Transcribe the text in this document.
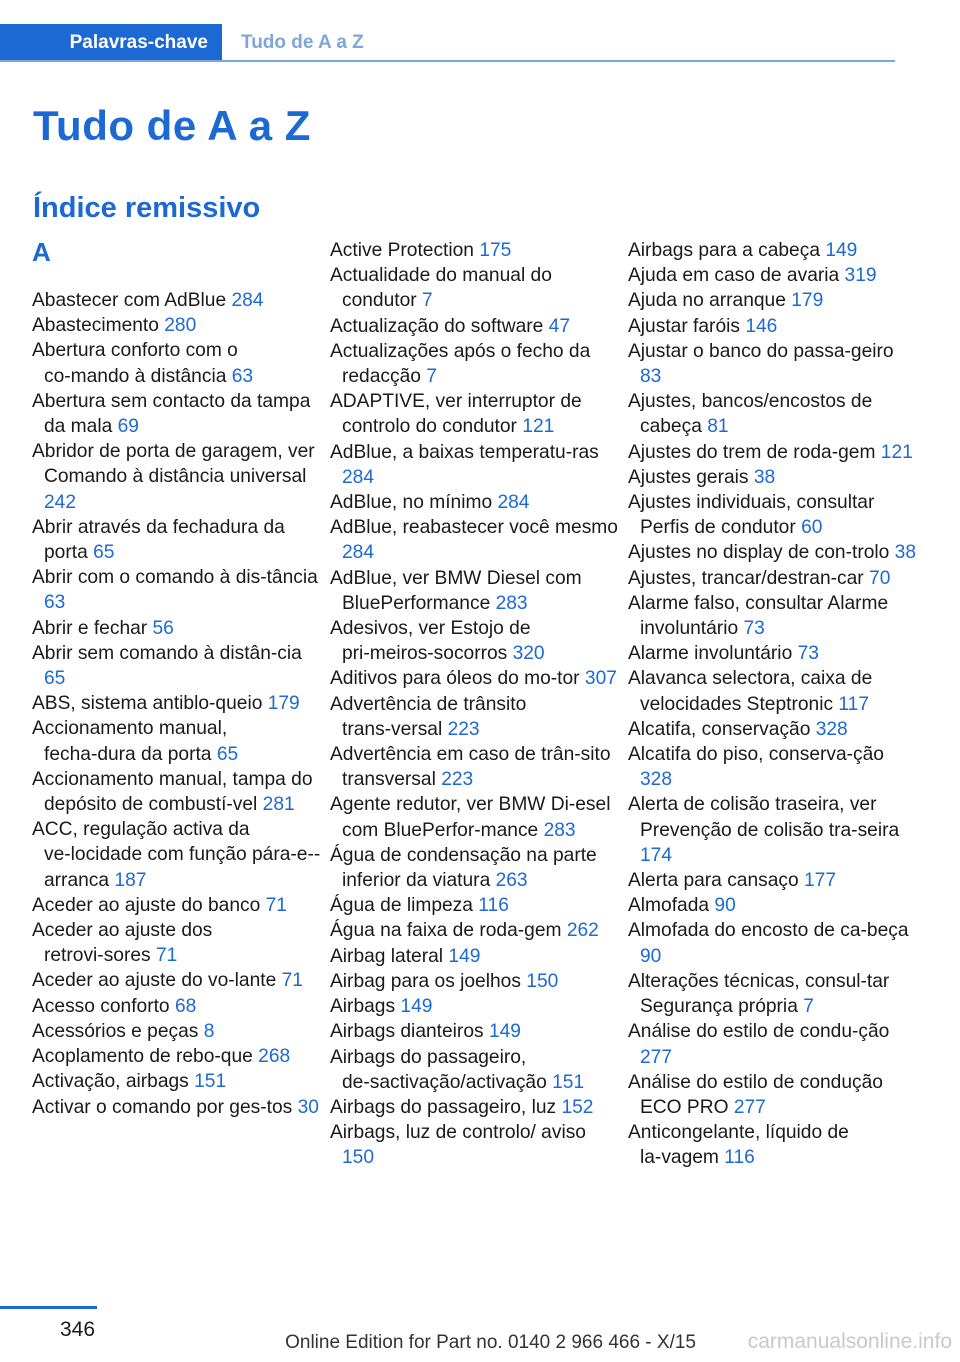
Palavras-chave	Tudo de A a Z
Tudo de A a Z
Índice remissivo
A
Abastecer com AdBlue 284
Abastecimento 280
Abertura conforto com o co‑mando à distância 63
Abertura sem contacto da tampa da mala 69
Abridor de porta de garagem, ver Comando à distância universal 242
Abrir através da fechadura da porta 65
Abrir com o comando à dis‑tância 63
Abrir e fechar 56
Abrir sem comando à distân‑cia 65
ABS, sistema antiblo‑queio 179
Accionamento manual, fecha‑dura da porta 65
Accionamento manual, tampa do depósito de combustí‑vel 281
ACC, regulação activa da ve‑locidade com função pára-e--arranca 187
Aceder ao ajuste do banco 71
Aceder ao ajuste dos retrovi‑sores 71
Aceder ao ajuste do vo‑lante 71
Acesso conforto 68
Acessórios e peças 8
Acoplamento de rebo‑que 268
Activação, airbags 151
Activar o comando por ges‑tos 30
Active Protection 175
Actualidade do manual do condutor 7
Actualização do software 47
Actualizações após o fecho da redacção 7
ADAPTIVE, ver interruptor de controlo do condutor 121
AdBlue, a baixas temperatu‑ras 284
AdBlue, no mínimo 284
AdBlue, reabastecer você mesmo 284
AdBlue, ver BMW Diesel com BluePerformance 283
Adesivos, ver Estojo de pri‑meiros-socorros 320
Aditivos para óleos do mo‑tor 307
Advertência de trânsito trans‑versal 223
Advertência em caso de trân‑sito transversal 223
Agente redutor, ver BMW Di‑esel com BluePerfor‑mance 283
Água de condensação na parte inferior da viatura 263
Água de limpeza 116
Água na faixa de roda‑gem 262
Airbag lateral 149
Airbag para os joelhos 150
Airbags 149
Airbags dianteiros 149
Airbags do passageiro, de‑sactivação/activação 151
Airbags do passageiro, luz 152
Airbags, luz de controlo/ aviso 150
Airbags para a cabeça 149
Ajuda em caso de avaria 319
Ajuda no arranque 179
Ajustar faróis 146
Ajustar o banco do passa‑geiro 83
Ajustes, bancos/encostos de cabeça 81
Ajustes do trem de roda‑gem 121
Ajustes gerais 38
Ajustes individuais, consultar Perfis de condutor 60
Ajustes no display de con‑trolo 38
Ajustes, trancar/destran‑car 70
Alarme falso, consultar Alarme involuntário 73
Alarme involuntário 73
Alavanca selectora, caixa de velocidades Steptronic 117
Alcatifa, conservação 328
Alcatifa do piso, conserva‑ção 328
Alerta de colisão traseira, ver Prevenção de colisão tra‑seira 174
Alerta para cansaço 177
Almofada 90
Almofada do encosto de ca‑beça 90
Alterações técnicas, consul‑tar Segurança própria 7
Análise do estilo de condu‑ção 277
Análise do estilo de condução ECO PRO 277
Anticongelante, líquido de la‑vagem 116
346
Online Edition for Part no. 0140 2 966 466 - X/15 carmanualsonline.info
